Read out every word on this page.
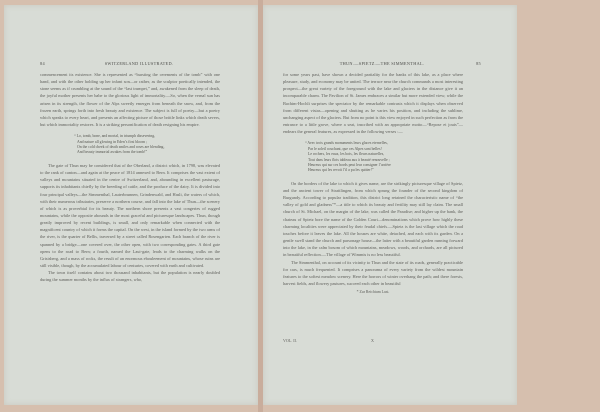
84	SWITZERLAND ILLUSTRATED.

commencement its existence. She is represented as “bursting the cerements of the tomb” with one hand, and with the other holding up her infant son—or rather, as the sculptor poetically intended, the stone seems as if crumbling at the sound of the “last trumpet,” and, awakened from the sleep of death, the joyful mother presents her babe to the glorious light of immortality.—So, when the vernal sun has arisen in its strength, the flower of the Alps sweetly emerges from beneath the snow, and, from the frozen earth, springs forth into fresh beauty and existence. The subject is full of poetry—but a poetry which speaks to every heart, and presents an affecting picture of those brittle links which death severs, but which immortality restores. It is a striking personification of death resigning his empire.

“ Lo, tomb, bone, and mortal, in triumph dissevering,
And nature all glowing in Eden’s first bloom ;
On the cold cheek of death smiles and roses are blending,
And beauty immortal awakes from the tomb!”

The gate of Thun may be considered that of the Oberland, a district which, in 1798, was elevated to the rank of canton—and again at the peace of 1814 annexed to Bern. It comprises the vast extent of valleys and mountains situated in the centre of Switzerland, and, abounding in excellent pasturage, supports its inhabitants chiefly by the breeding of cattle, and the produce of the dairy. It is divided into four principal valleys—the Simmenthal, Lauterbrunnen, Grindenwald, and Hasli, the waters of which, with their numerous tributaries, preserve a northern course, and fall into the lake of Thun—the scenery of which is as proverbial for its beauty. The northern shore presents a vast congeries of rugged mountains, while the opposite abounds in the most graceful and picturesque landscapes. Thun, though greatly improved by recent buildings, is small, and only remarkable when connected with the magnificent country of which it forms the capital. On the west, in the island formed by the two arms of the river, is the quarter of Bellis, traversed by a street called Rosengarten. Each branch of the river is spanned by a bridge—one covered over, the other open, with two corresponding gates. A third gate opens to the road to Bern; a fourth, named the Laui-gate, leads to the charming walks on the Grisisberg, and a mass of rocks, the result of an enormous ebouleement of mountains, whose ruins are still visible, though, by the accumulated labour of centuries, covered with earth and cultivated.

The town itself contains about two thousand inhabitants, but the population is nearly doubled during the summer months by the influx of strangers, who,

THUN.—SPIETZ.—THE SIMMENTHAL.	85

for some years past, have shown a decided partiality for the banks of this lake, as a place where pleasure, study, and economy may be united. The terrace near the church commands a most interesting prospect—the great variety of the foreground with the lake and glaciers in the distance give it an incomparable charm. The Pavilion of St. James embraces a similar but more extended view; while the Bachim-Hochli surprises the spectator by the remarkable contrasts which it displays when observed from different vistas—opening and shutting as he varies his position, and including the sublime, unchanging aspect of the glaciers. But from no point is this view enjoyed in such perfection as from the entrance to a little grove, where a seat, inscribed with an appropriate motto—“Repose et jouis”—endears the general features, as expressed in the following verses :—

“ Avec trois grands monuments leurs glaces eternelles,
Par le soleil couchant, que ces Alpes sont belles!
Le rochers, les eaux, les bois, les fleurs naturelles,
Tout dans leurs flots tableau aux à beauté renouvelle ;
Heureux qui sur ces bords peut leur consigner l’arrière
Heureux qui les revoit l’il a pu les quitter!”

On the borders of the lake to which it gives name, are the strikingly picturesque village of Spietz, and the ancient tower of Strattlingen, from which sprung the founder of the second kingdom of Burgundy. According to popular tradition, this district long retained the characteristic name of “the valley of gold and gladness”*—a title to which its beauty and fertility may still lay claim. The small church of St. Michael, on the margin of the lake, was called the Paradise; and higher up the bank, the chateau of Spietz bore the name of the Golden Court—denominations which prove how highly these charming localities were appreciated by their feudal chiefs.—Spietz is the last village which the road touches before it leaves the lake. All the houses are white, detached, and each with its garden. On a gentle swell stand the church and parsonage house—the latter with a beautiful garden running forward into the lake, in the calm bosom of which mountains, meadows, woods, and orchards, are all pictured in beautiful reflection.—The village of Wimmis is no less beautiful.

The Simmenthal, on account of its vicinity to Thun and the state of its roads, generally practicable for cars, is much frequented. It comprises a panorama of every variety from the wildest mountain features to the softest meadow scenery. Here the horrors of winter overhang the path; and there forests, harvest fields, and flowery pastures, succeed each other in beautiful

* Zur Reichtum Lust.
VOL. II.	X
